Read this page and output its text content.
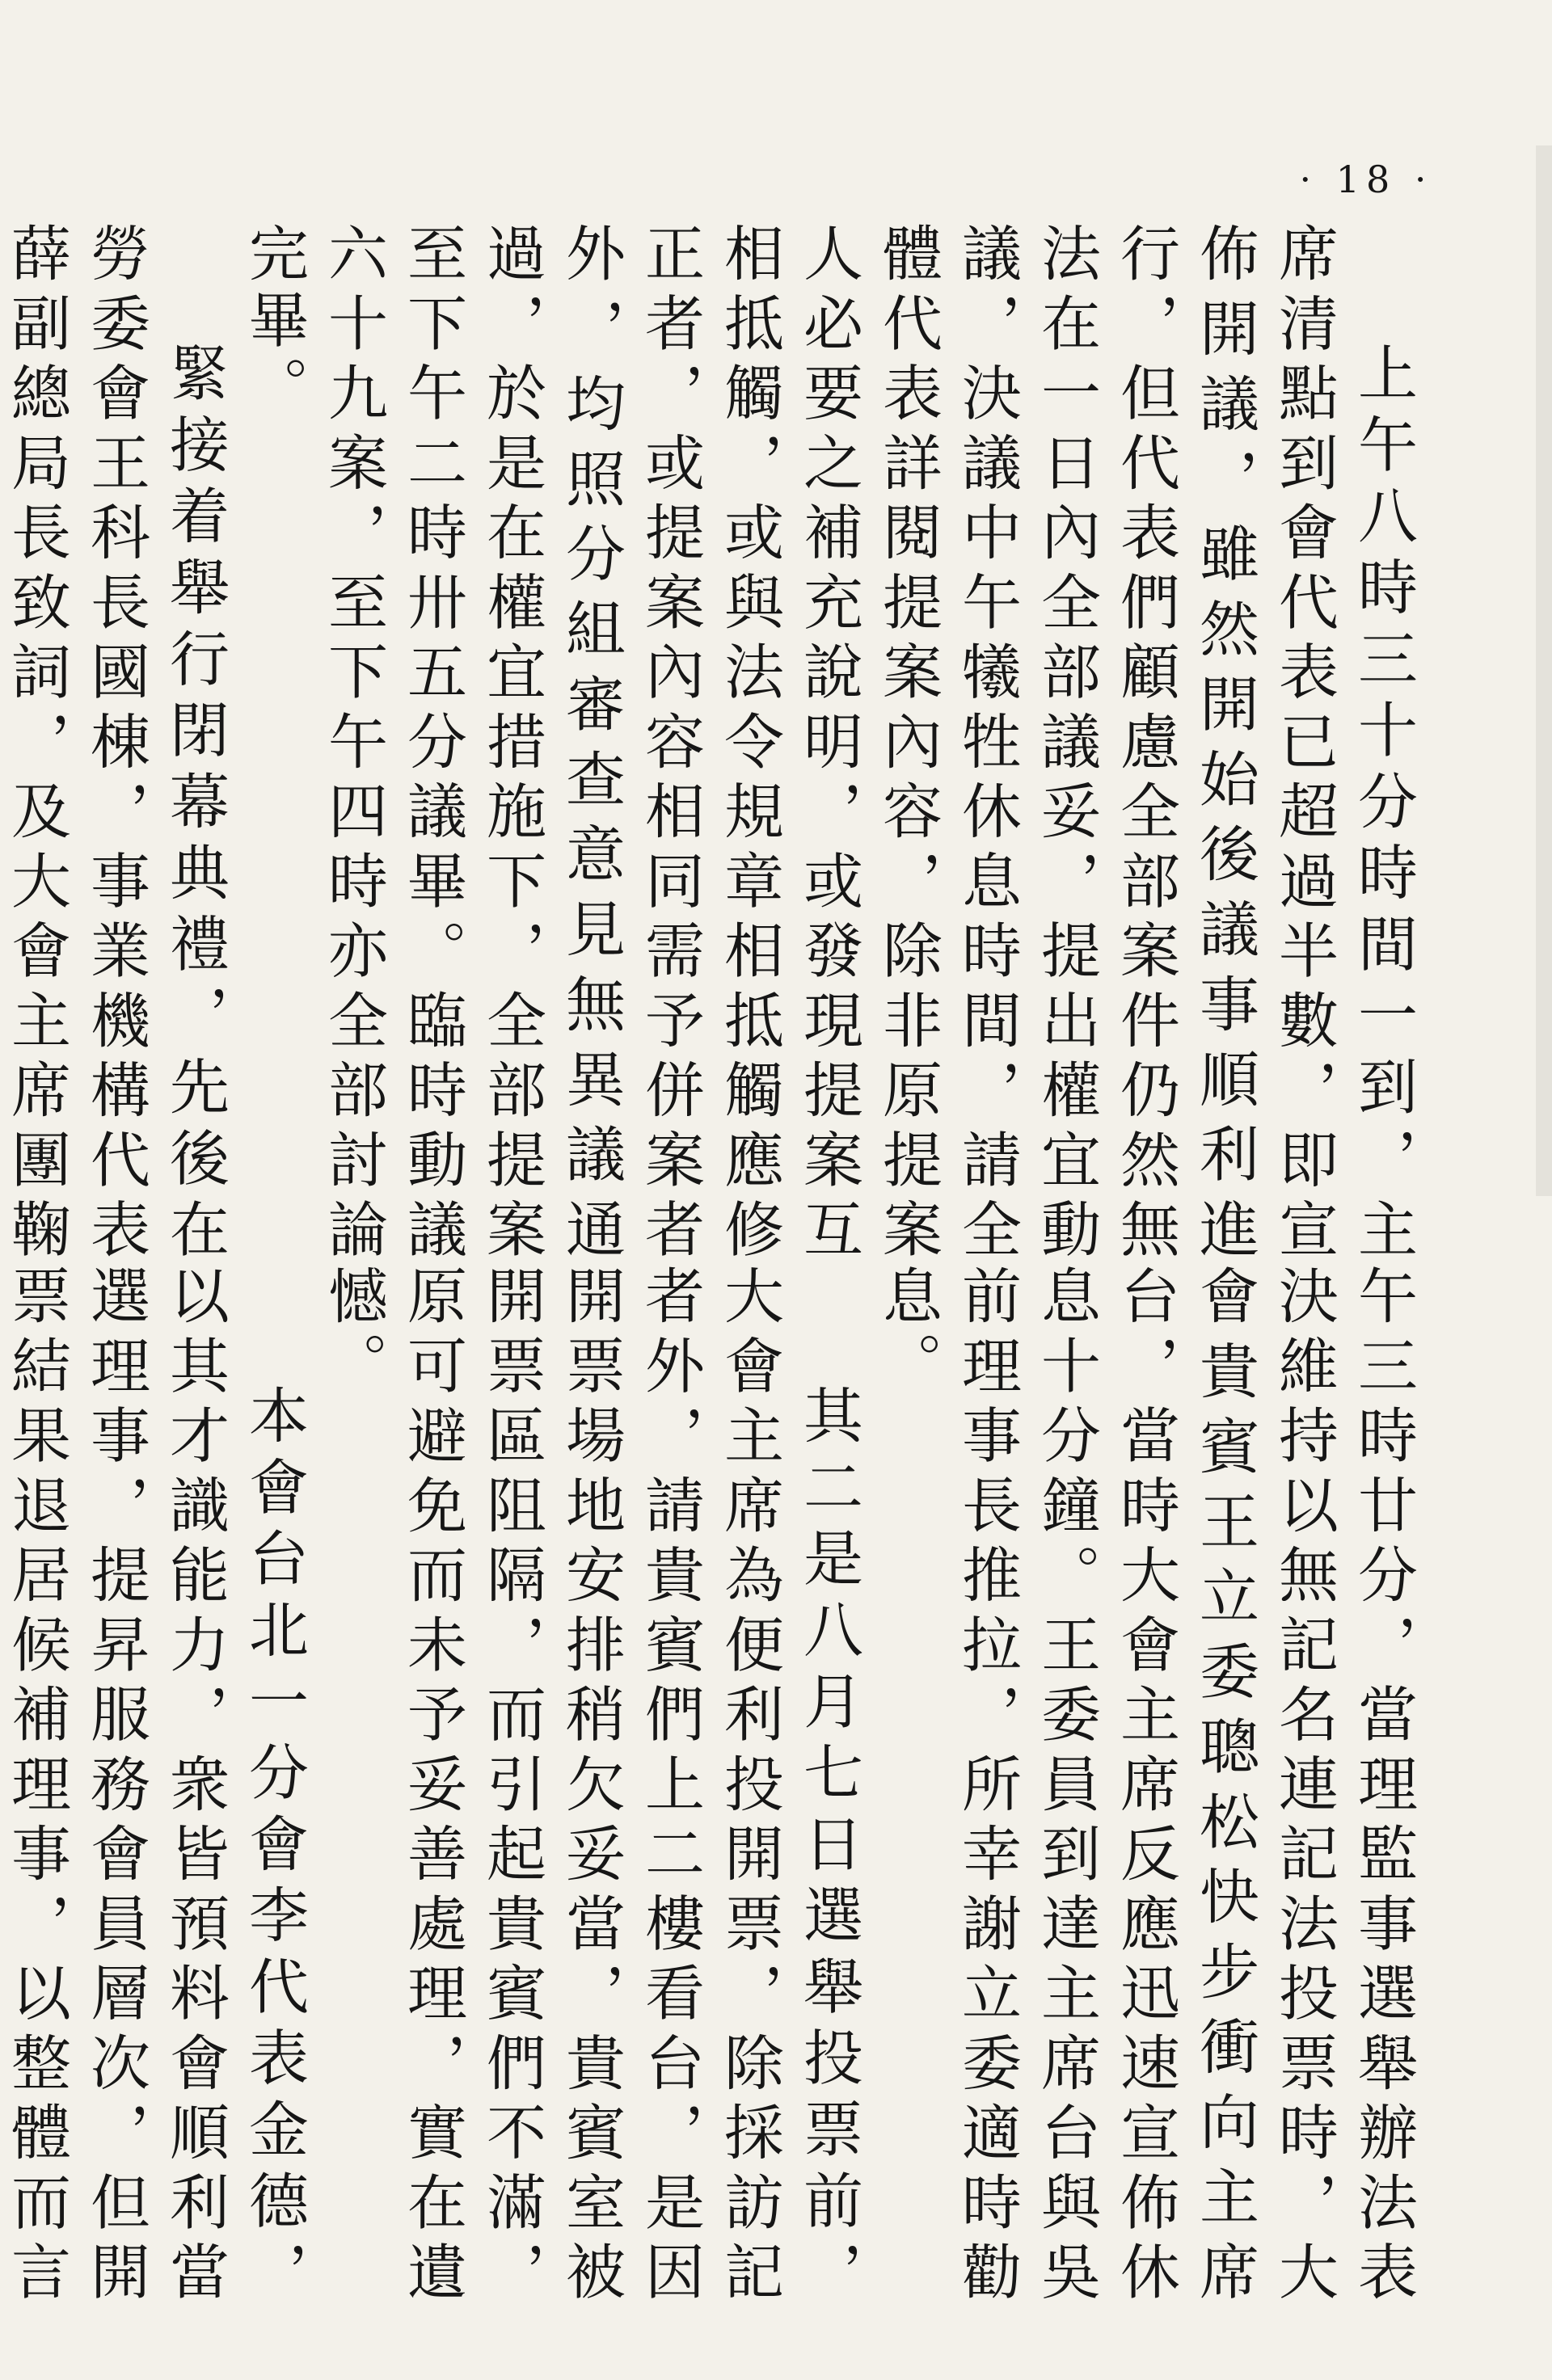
· 18 ·
上午八時三十分時間一到，主席清點到會代表已超過半數，即宣佈開議，雖然開始後議事順利進行，但代表們顧慮全部案件仍然無法在一日內全部議妥，提出權宜動議，決議中午犧牲休息時間，請全體代表詳閱提案內容，除非原提案人必要之補充說明，或發現提案互相抵觸，或與法令規章相抵觸應修正者，或提案內容相同需予併案者外，均照分組審查意見無異議通過，於是在權宜措施下，全部提案至下午二時卅五分議畢。臨時動議六十九案，至下午四時亦全部討論完畢。
緊接着舉行閉幕典禮，先後在勞委會王科長國棟，事業機構代表薛副總局長致詞，及大會主席團鞠
午三時廿分，當理監事選舉辦法表決維持以無記名連記法投票時，大會貴賓王立委聰松快步衝向主席台，當時大會主席反應迅速宣佈休息十分鐘。王委員到達主席台與吳前理事長推拉，所幸謝立委適時勸息。
其二是八月七日選舉投票前，大會主席為便利投開票，除採訪記者外，請貴賓們上二樓看台，是因開票場地安排稍欠妥當，貴賓室被開票區阻隔，而引起貴賓們不滿，原可避免而未予妥善處理，實在遺憾。
本會台北一分會李代表金德，以其才識能力，衆皆預料會順利當選理事，提昇服務會員層次，但開票結果退居候補理事，以整體而言
